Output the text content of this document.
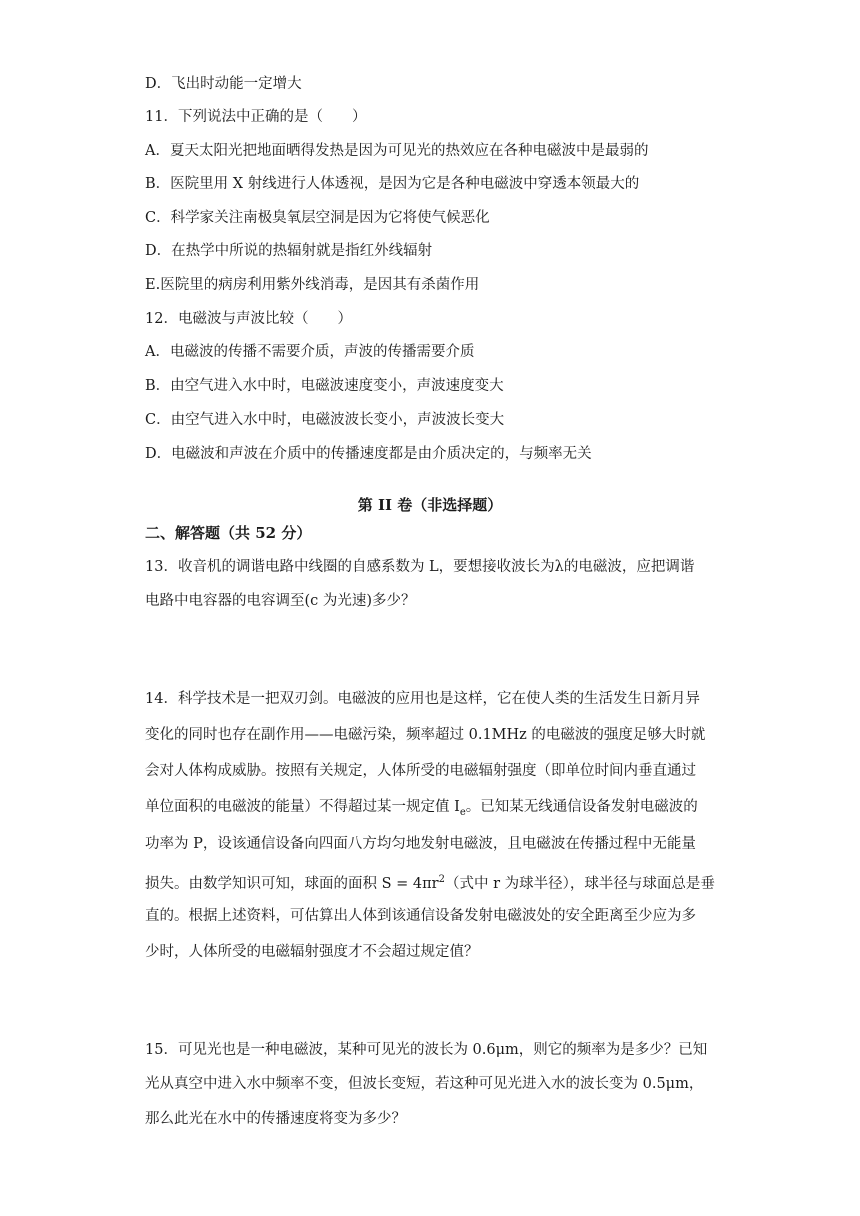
D．飞出时动能一定增大
11．下列说法中正确的是（　　）
A．夏天太阳光把地面晒得发热是因为可见光的热效应在各种电磁波中是最弱的
B．医院里用 X 射线进行人体透视，是因为它是各种电磁波中穿透本领最大的
C．科学家关注南极臭氧层空洞是因为它将使气候恶化
D．在热学中所说的热辐射就是指红外线辐射
E.医院里的病房利用紫外线消毒，是因其有杀菌作用
12．电磁波与声波比较（　　）
A．电磁波的传播不需要介质，声波的传播需要介质
B．由空气进入水中时，电磁波速度变小，声波速度变大
C．由空气进入水中时，电磁波波长变小，声波波长变大
D．电磁波和声波在介质中的传播速度都是由介质决定的，与频率无关
第 II 卷（非选择题）
二、解答题（共 52 分）
13．收音机的调谐电路中线圈的自感系数为 L，要想接收波长为λ的电磁波，应把调谐
电路中电容器的电容调至(c 为光速)多少？
14．科学技术是一把双刃剑。电磁波的应用也是这样，它在使人类的生活发生日新月异
变化的同时也存在副作用——电磁污染，频率超过 0.1MHz 的电磁波的强度足够大时就
会对人体构成威胁。按照有关规定，人体所受的电磁辐射强度（即单位时间内垂直通过
单位面积的电磁波的能量）不得超过某一规定值 $I_e$。已知某无线通信设备发射电磁波的
功率为 P，设该通信设备向四面八方均匀地发射电磁波，且电磁波在传播过程中无能量
损失。由数学知识可知，球面的面积 $S = 4\pi r^2$（式中 r 为球半径），球半径与球面总是垂
直的。根据上述资料，可估算出人体到该通信设备发射电磁波处的安全距离至少应为多
少时，人体所受的电磁辐射强度才不会超过规定值？
15．可见光也是一种电磁波，某种可见光的波长为 0.6μm，则它的频率为是多少？已知
光从真空中进入水中频率不变，但波长变短，若这种可见光进入水的波长变为 0.5μm，
那么此光在水中的传播速度将变为多少？
